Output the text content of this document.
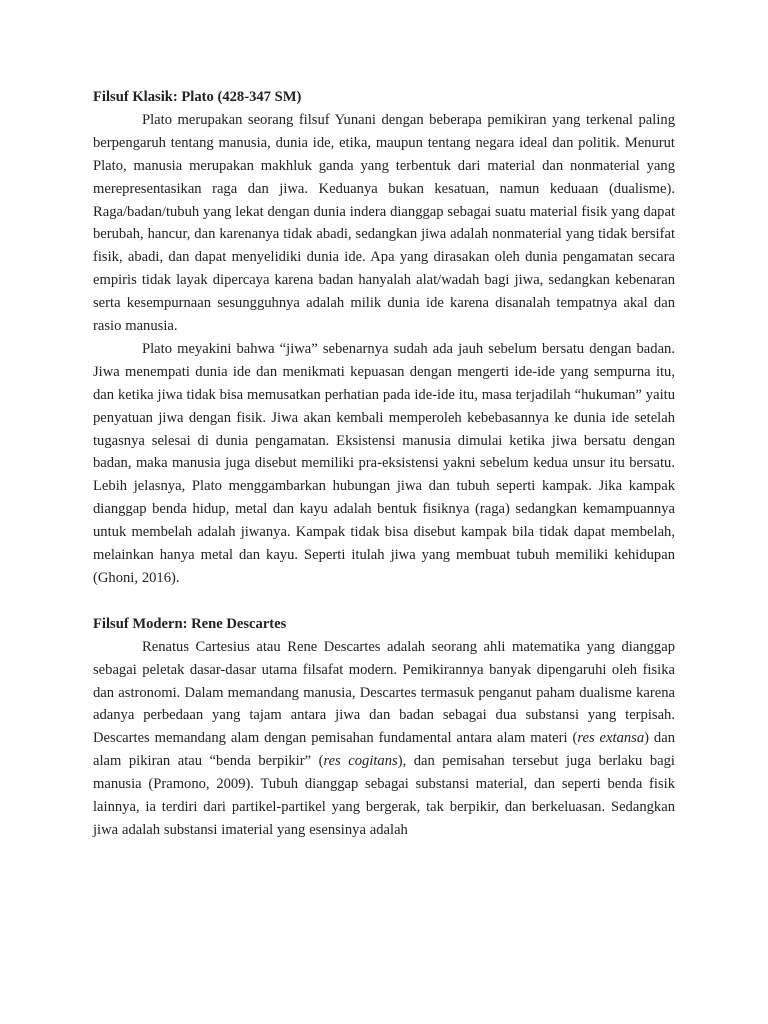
Filsuf Klasik: Plato (428-347 SM)

Plato merupakan seorang filsuf Yunani dengan beberapa pemikiran yang terkenal paling berpengaruh tentang manusia, dunia ide, etika, maupun tentang negara ideal dan politik. Menurut Plato, manusia merupakan makhluk ganda yang terbentuk dari material dan nonmaterial yang merepresentasikan raga dan jiwa. Keduanya bukan kesatuan, namun keduaan (dualisme). Raga/badan/tubuh yang lekat dengan dunia indera dianggap sebagai suatu material fisik yang dapat berubah, hancur, dan karenanya tidak abadi, sedangkan jiwa adalah nonmaterial yang tidak bersifat fisik, abadi, dan dapat menyelidiki dunia ide. Apa yang dirasakan oleh dunia pengamatan secara empiris tidak layak dipercaya karena badan hanyalah alat/wadah bagi jiwa, sedangkan kebenaran serta kesempurnaan sesungguhnya adalah milik dunia ide karena disanalah tempatnya akal dan rasio manusia.

Plato meyakini bahwa “jiwa” sebenarnya sudah ada jauh sebelum bersatu dengan badan. Jiwa menempati dunia ide dan menikmati kepuasan dengan mengerti ide-ide yang sempurna itu, dan ketika jiwa tidak bisa memusatkan perhatian pada ide-ide itu, masa terjadilah “hukuman” yaitu penyatuan jiwa dengan fisik. Jiwa akan kembali memperoleh kebebasannya ke dunia ide setelah tugasnya selesai di dunia pengamatan. Eksistensi manusia dimulai ketika jiwa bersatu dengan badan, maka manusia juga disebut memiliki pra-eksistensi yakni sebelum kedua unsur itu bersatu. Lebih jelasnya, Plato menggambarkan hubungan jiwa dan tubuh seperti kampak. Jika kampak dianggap benda hidup, metal dan kayu adalah bentuk fisiknya (raga) sedangkan kemampuannya untuk membelah adalah jiwanya. Kampak tidak bisa disebut kampak bila tidak dapat membelah, melainkan hanya metal dan kayu. Seperti itulah jiwa yang membuat tubuh memiliki kehidupan (Ghoni, 2016).

Filsuf Modern: Rene Descartes

Renatus Cartesius atau Rene Descartes adalah seorang ahli matematika yang dianggap sebagai peletak dasar-dasar utama filsafat modern. Pemikirannya banyak dipengaruhi oleh fisika dan astronomi. Dalam memandang manusia, Descartes termasuk penganut paham dualisme karena adanya perbedaan yang tajam antara jiwa dan badan sebagai dua substansi yang terpisah. Descartes memandang alam dengan pemisahan fundamental antara alam materi (res extansa) dan alam pikiran atau “benda berpikir” (res cogitans), dan pemisahan tersebut juga berlaku bagi manusia (Pramono, 2009). Tubuh dianggap sebagai substansi material, dan seperti benda fisik lainnya, ia terdiri dari partikel-partikel yang bergerak, tak berpikir, dan berkeluasan. Sedangkan jiwa adalah substansi imaterial yang esensinya adalah
